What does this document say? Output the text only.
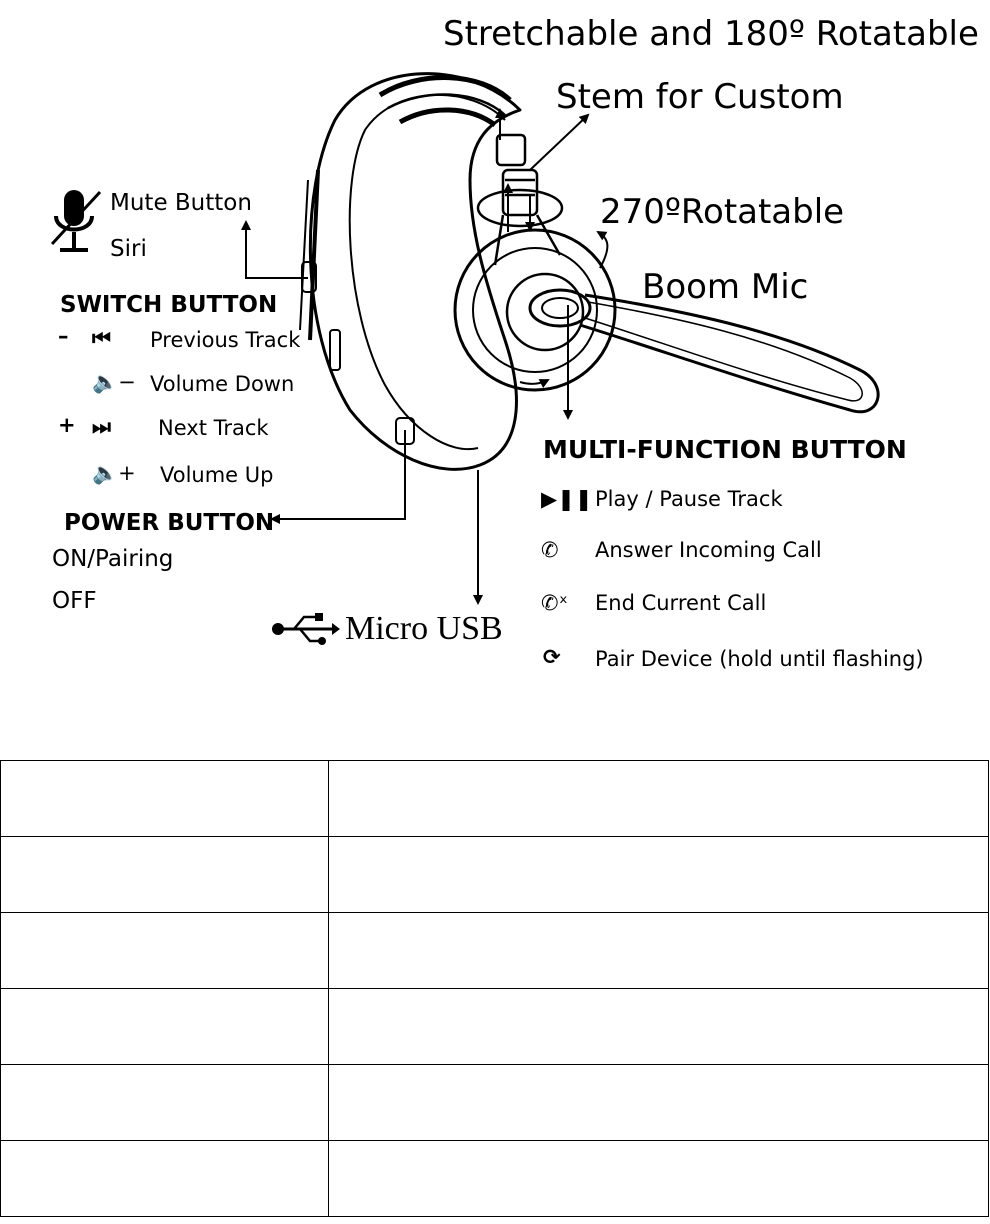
Stretchable and 180º Rotatable
Stem for Custom
270ºRotatable
Boom Mic
Mute Button
Siri
SWITCH BUTTON
– ⏮ Previous Track
🔈− Volume Down
+ ⏭ Next Track
🔈+ Volume Up
POWER BUTTON
ON/Pairing
OFF
Micro USB
MULTI-FUNCTION BUTTON
▶❚❚ Play / Pause Track
✆ Answer Incoming Call
✆ˣ End Current Call
⟳ Pair Device (hold until flashing)
